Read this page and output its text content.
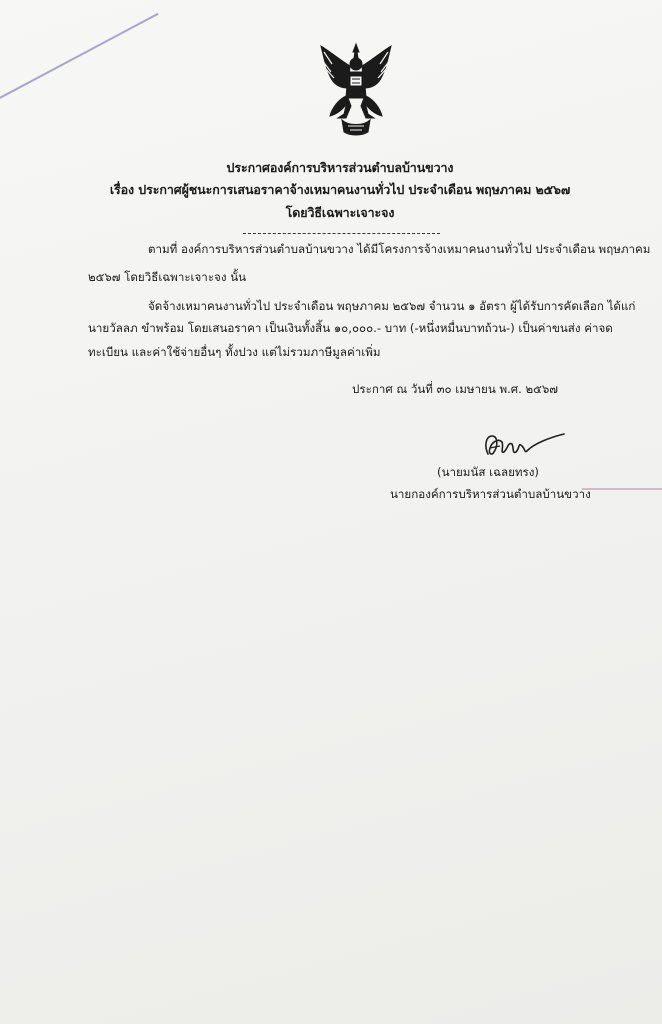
ประกาศองค์การบริหารส่วนตำบลบ้านขวาง
เรื่อง ประกาศผู้ชนะการเสนอราคาจ้างเหมาคนงานทั่วไป ประจำเดือน พฤษภาคม ๒๕๖๗
โดยวิธีเฉพาะเจาะจง
ตามที่ องค์การบริหารส่วนตำบลบ้านขวาง ได้มีโครงการจ้างเหมาคนงานทั่วไป ประจำเดือน พฤษภาคม
๒๕๖๗ โดยวิธีเฉพาะเจาะจง นั้น
จัดจ้างเหมาคนงานทั่วไป ประจำเดือน พฤษภาคม ๒๕๖๗ จำนวน ๑ อัตรา ผู้ได้รับการคัดเลือก ได้แก่
นายวัลลภ ขำพร้อม โดยเสนอราคา เป็นเงินทั้งสิ้น ๑๐,๐๐๐.- บาท (-หนึ่งหมื่นบาทถ้วน-) เป็นค่าขนส่ง ค่าจด
ทะเบียน และค่าใช้จ่ายอื่นๆ ทั้งปวง แต่ไม่รวมภาษีมูลค่าเพิ่ม
ประกาศ ณ วันที่ ๓๐ เมษายน พ.ศ. ๒๕๖๗
(นายมนัส เฉลยทรง)
นายกองค์การบริหารส่วนตำบลบ้านขวาง
